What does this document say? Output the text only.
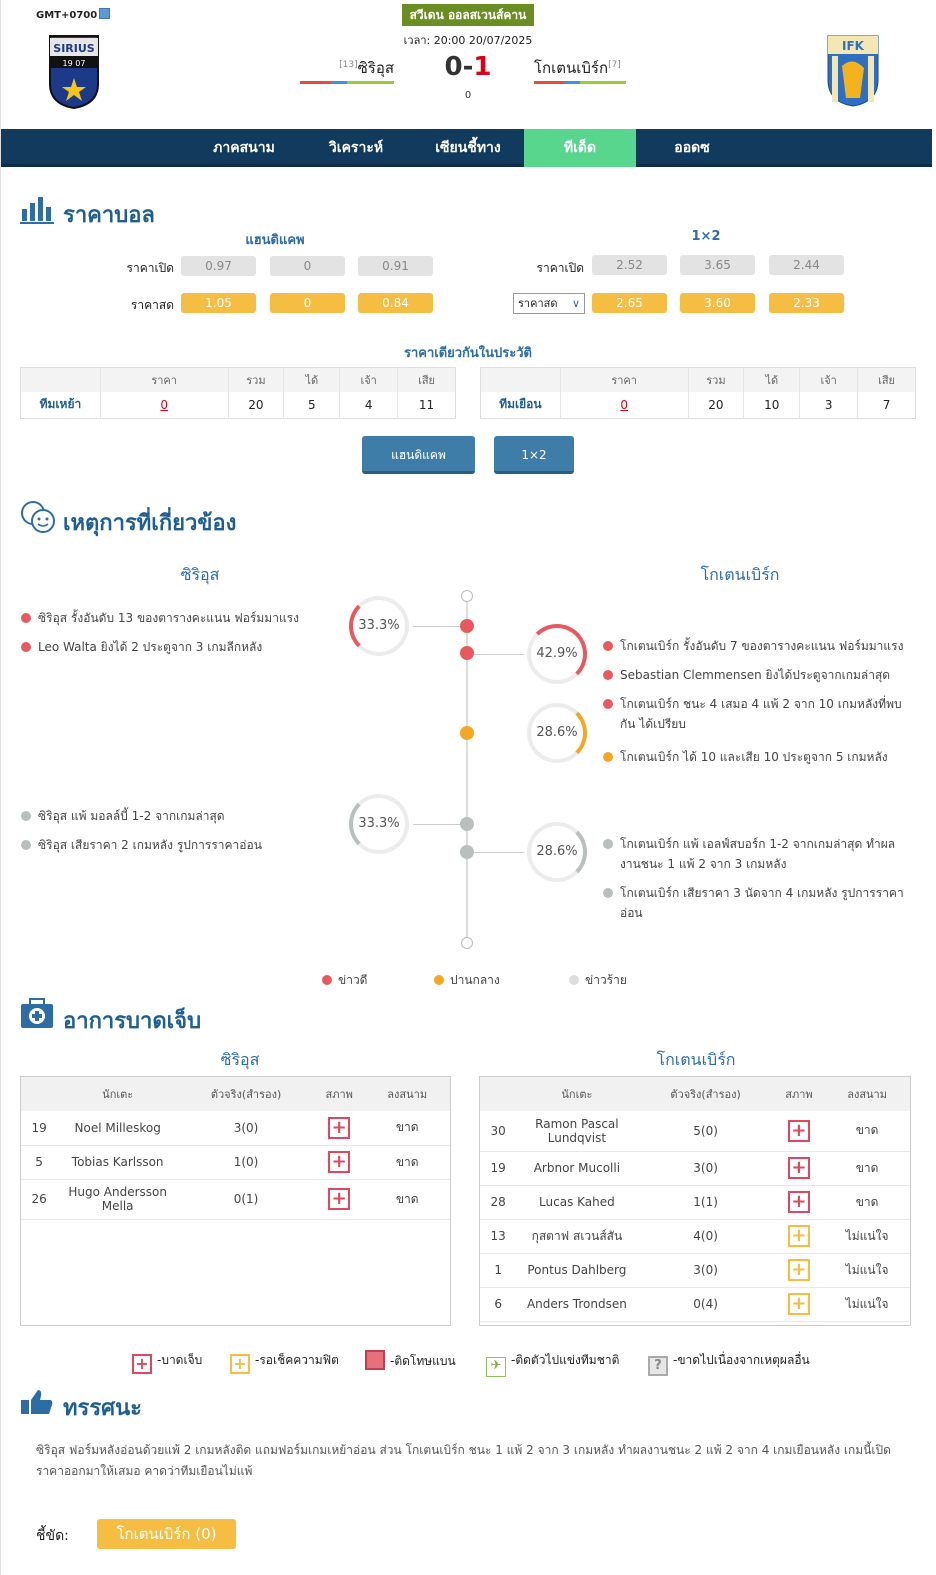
GMT+0700
SIRIUS
19 07
สวีเดน ออลสเวนส์คาน
เวลา: 20:00 20/07/2025
[13]ซิริอุส	0-1
0
โกเตนเบิร์ก[7]
IFK
ภาคสนาม	วิเคราะห์	เซียนชี้ทาง	ทีเด็ด	ออดซ
ราคาบอล
แฮนดิแคพ	1×2
ราคาเปิด	0.97	0	0.91
ราคาสด	1.05	0	0.84
ราคาเปิด	2.52	3.65	2.44
ราคาสด ∨	2.65	3.60	2.33
ราคาเดียวกันในประวัติ
	ราคา	รวม	ได้	เจ้า	เสีย
ทีมเหย้า	0	20	5	4	11
	ราคา	รวม	ได้	เจ้า	เสีย
ทีมเยือน	0	20	10	3	7
แฮนดิแคพ	1×2
เหตุการที่เกี่ยวข้อง
ซิริอุส	โกเตนเบิร์ก
ซิริอุส รั้งอันดับ 13 ของตารางคะแนน ฟอร์มมาแรง
Leo Walta ยิงได้ 2 ประตูจาก 3 เกมลีกหลัง
33.3%
42.9%	โกเตนเบิร์ก รั้งอันดับ 7 ของตารางคะแนน ฟอร์มมาแรง
Sebastian Clemmensen ยิงได้ประตูจากเกมล่าสุด
โกเตนเบิร์ก ชนะ 4 เสมอ 4 แพ้ 2 จาก 10 เกมหลังที่พบกัน ได้เปรียบ
28.6%
โกเตนเบิร์ก ได้ 10 และเสีย 10 ประตูจาก 5 เกมหลัง
ซิริอุส แพ้ มอลล์บี้ 1-2 จากเกมล่าสุด
ซิริอุส เสียราคา 2 เกมหลัง รูปการราคาอ่อน
33.3%
28.6%	โกเตนเบิร์ก แพ้ เอลฟ์สบอร์ก 1-2 จากเกมล่าสุด ทำผลงานชนะ 1 แพ้ 2 จาก 3 เกมหลัง
โกเตนเบิร์ก เสียราคา 3 นัดจาก 4 เกมหลัง รูปการราคาอ่อน
ข่าวดี	ปานกลาง	ข่าวร้าย
อาการบาดเจ็บ
ซิริอุส	โกเตนเบิร์ก
	นักเตะ	ตัวจริง(สำรอง)	สภาพ	ลงสนาม
19	Noel Milleskog	3(0)	+	ขาด
5	Tobias Karlsson	1(0)	+	ขาด
26	Hugo Andersson Mella	0(1)	+	ขาด
	นักเตะ	ตัวจริง(สำรอง)	สภาพ	ลงสนาม
30	Ramon Pascal Lundqvist	5(0)	+	ขาด
19	Arbnor Mucolli	3(0)	+	ขาด
28	Lucas Kahed	1(1)	+	ขาด
13	กุสตาฟ สเวนส์สัน	4(0)	+	ไม่แน่ใจ
1	Pontus Dahlberg	3(0)	+	ไม่แน่ใจ
6	Anders Trondsen	0(4)	+	ไม่แน่ใจ
+ -บาดเจ็บ + -รอเช็คความฟิต	-ติดโทษแบน	✈ -ติดตัวไปแข่งทีมชาติ	? -ขาดไปเนื่องจากเหตุผลอื่น
ทรรศนะ
ซิริอุส ฟอร์มหลังอ่อนด้วยแพ้ 2 เกมหลังติด แถมฟอร์มเกมเหย้าอ่อน ส่วน โกเตนเบิร์ก ชนะ 1 แพ้ 2 จาก 3 เกมหลัง ทำผลงานชนะ 2 แพ้ 2 จาก 4 เกมเยือนหลัง เกมนี้เปิดราคาออกมาให้เสมอ คาดว่าทีมเยือนไม่แพ้
ชี้ขัด:	โกเตนเบิร์ก (0)
